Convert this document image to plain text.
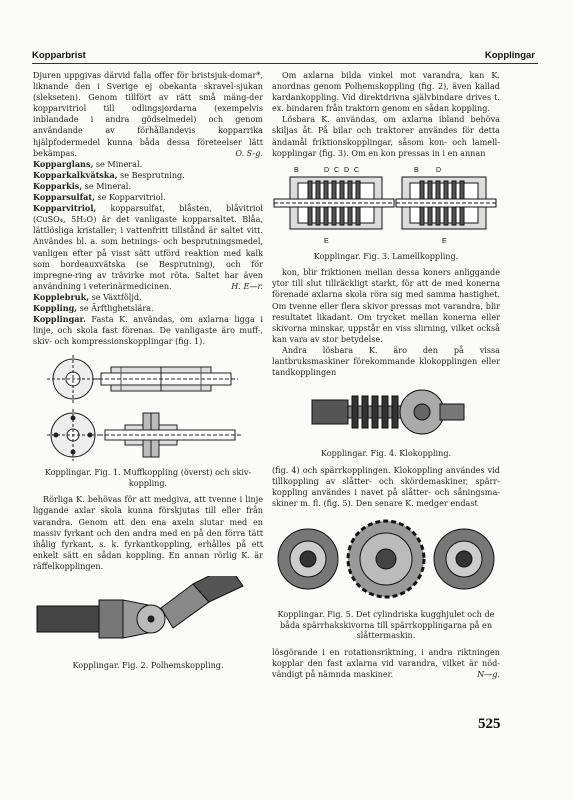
Kopparbrist	Kopplingar

Djuren uppgivas därvid falla offer för bristsjuk-domar*, liknande den i Sverige ej obekanta skravel-sjukan (slekseten). Genom tillfört av rätt små mäng-der kopparvitriol till odlingsjordarna (exempelvis inblandade i andra gödselmedel) och genom användande av förhållandevis kopparrika hjälpfodermedel kunna båda dessa företeelser lätt bekämpas.	O. S-g.

Kopparglans, se Mineral.

Kopparkalkvätska, se Besprutning.

Kopparkis, se Mineral.

Kopparsulfat, se Kopparvitriol.

Kopparvitriol, kopparsulfat, blåsten, blåvitriol (CuSO₄, 5H₂O) är det vanligaste kopparsaltet. Blåa, lättlösliga kristaller; i vattenfritt tillstånd är saltet vitt. Användes bl. a. som betnings- och besprutningsmedel, vanligen efter på visst sätt utförd reaktion med kalk som bordeauxvätska (se Besprutning), och för impregne-ring av trävirke mot röta. Saltet har även användning i veterinärmedicinen.	H. E—r.

Kopplebruk, se Växtföljd.

Koppling, se Ärftlighetslära.

Kopplingar. Fasta K. användas, om axlarna ligga i linje, och skola fast förenas. De vanligaste äro muff-, skiv- och kompressionskopplingar (fig. 1).

Kopplingar. Fig. 1. Muffkoppling (överst) och skiv-koppling.

Rörliga K. behövas för att medgiva, att tvenne i linje liggande axlar skola kunna förskjutas till eller från varandra. Genom att den ena axeln slutar med en massiv fyrkant och den andra med en på den förra tätt ihålig fyrkant, s. k. fyrkantkoppling, erhålles på ett enkelt sätt en sådan koppling. En annan rörlig K. är räffelkopplingen.

Kopplingar. Fig. 2. Polhemskoppling.

Om axlarna bilda vinkel mot varandra, kan K. anordnas genom Polhemskoppling (fig. 2), även kallad kardankoppling. Vid direktdrivna självbindare drives t. ex. bindaren från traktorn genom en sådan koppling.

Lösbara K. användas, om axlarna ibland behöva skiljas åt. På bilar och traktorer användes för detta ändamål friktionskopplingar, såsom kon- och lamell-kopplingar (fig. 3). Om en kon pressas in i en annan

B	D C D C	B D
E	E
Kopplingar. Fig. 3. Lamellkoppling.

kon, blir friktionen mellan dessa koners anliggande ytor till slut tillräckligt starkt, för att de med konerna förenade axlarna skola röra sig med samma hastighet. Om tvenne eller flera skivor pressas mot varandra, blir resultatet likadant. Om trycket mellan konerna eller skivorna minskar, uppstår en viss slirning, vilket också kan vara av stor betydelse.

Andra lösbara K. äro den på vissa lantbruksmaskiner förekommande klokopplingen eller tandkopplingen

Kopplingar. Fig. 4. Klokoppling.

(fig. 4) och spärrkopplingen. Klokoppling användes vid tillkoppling av slåtter- och skördemaskiner, spärr-koppling användes i navet på slåtter- och såningsma-skiner m. fl. (fig. 5). Den senare K. medger endast

Kopplingar. Fig. 5. Det cylindriska kugghjulet och de båda spärrhakskivorna till spärrkopplingarna på en slåttermaskin.

lösgörande i en rotationsriktning, i andra riktningen kopplar den fast axlarna vid varandra, vilket är nöd-vändigt på nämnda maskiner.	N—g.

525
